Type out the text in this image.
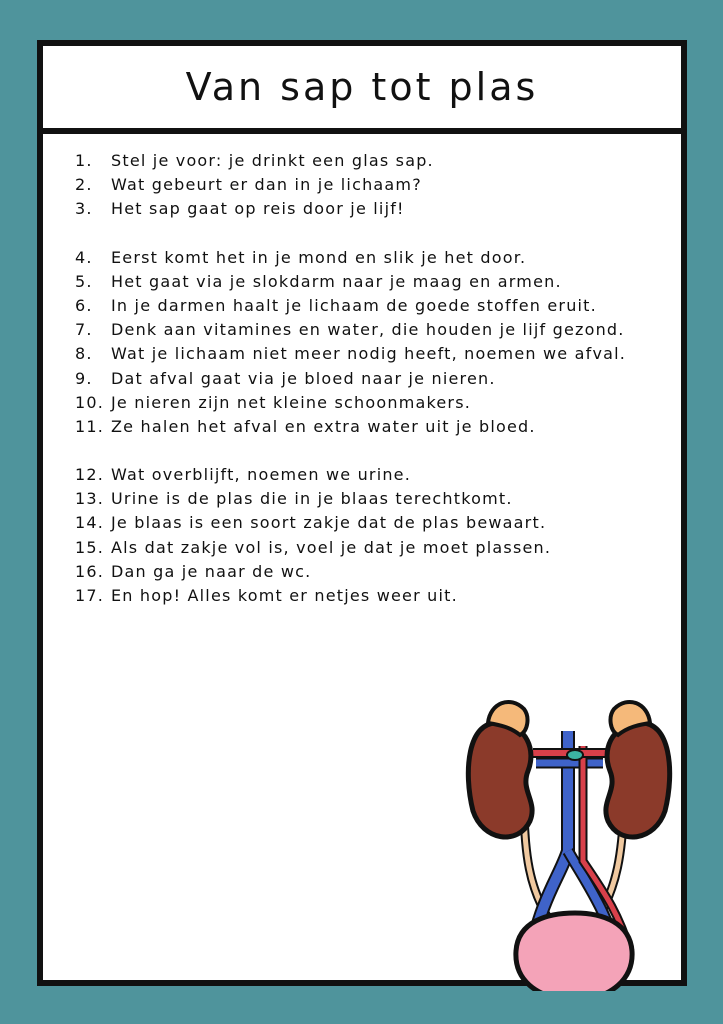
Van sap tot plas
1.	Stel je voor: je drinkt een glas sap.
2.	Wat gebeurt er dan in je lichaam?
3.	Het sap gaat op reis door je lijf!
4.	Eerst komt het in je mond en slik je het door.
5.	Het gaat via je slokdarm naar je maag en armen.
6.	In je darmen haalt je lichaam de goede stoffen eruit.
7.	Denk aan vitamines en water, die houden je lijf gezond.
8.	Wat je lichaam niet meer nodig heeft, noemen we afval.
9.	Dat afval gaat via je bloed naar je nieren.
10. Je nieren zijn net kleine schoonmakers.
11. Ze halen het afval en extra water uit je bloed.
12. Wat overblijft, noemen we urine.
13. Urine is de plas die in je blaas terechtkomt.
14. Je blaas is een soort zakje dat de plas bewaart.
15. Als dat zakje vol is, voel je dat je moet plassen.
16. Dan ga je naar de wc.
17. En hop! Alles komt er netjes weer uit.
